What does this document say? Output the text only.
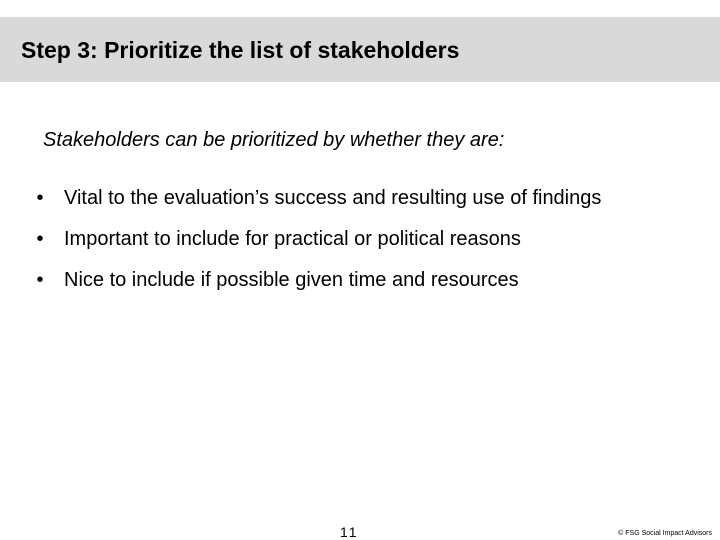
Step 3: Prioritize the list of stakeholders
Stakeholders can be prioritized by whether they are:
•	Vital to the evaluation’s success and resulting use of findings
•	Important to include for practical or political reasons
•	Nice to include if possible given time and resources
11	© FSG Social Impact Advisors
